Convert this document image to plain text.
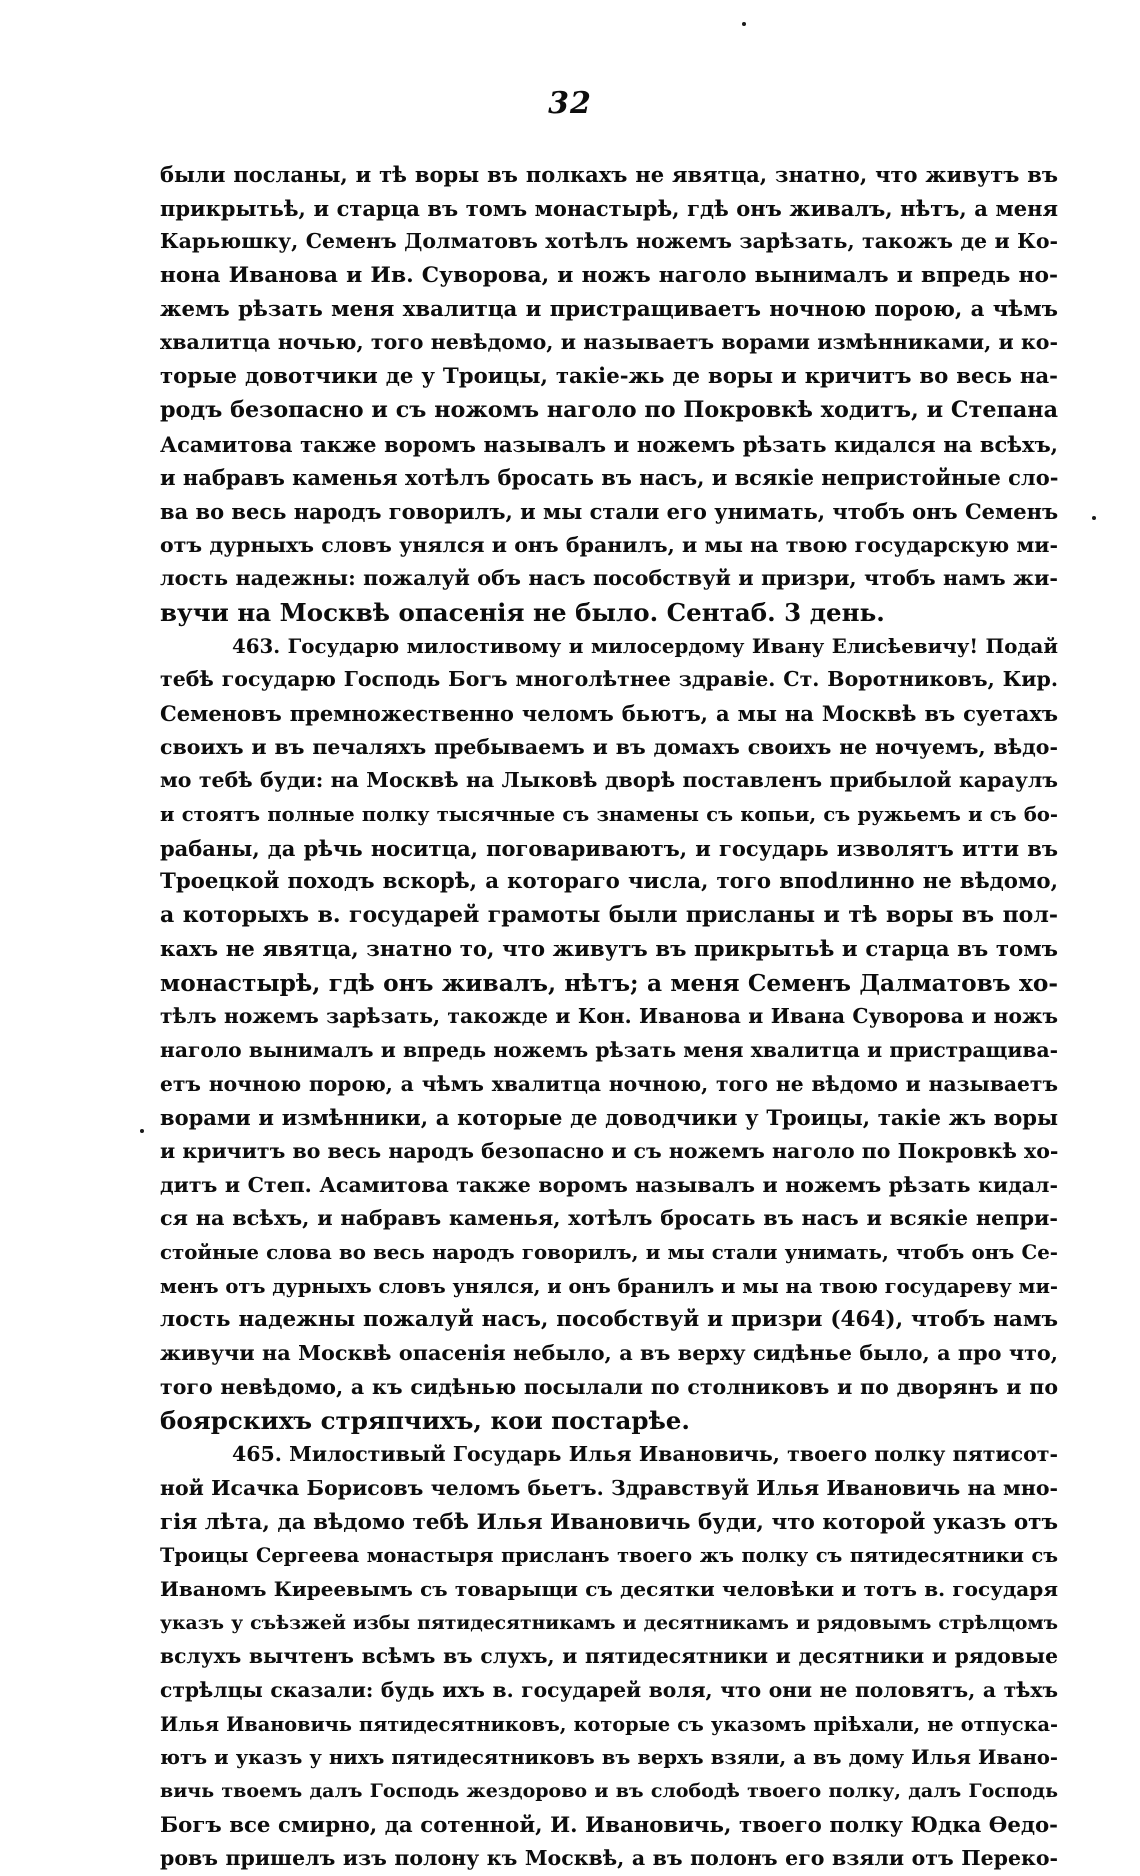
32
были посланы, и тѣ воры въ полкахъ не явятца, знатно, что живутъ въ
прикрытьѣ, и старца въ томъ монастырѣ, гдѣ онъ живалъ, нѣтъ, а меня
Карьюшку, Семенъ Долматовъ хотѣлъ ножемъ зарѣзать, такожъ де и Ко-
нона Иванова и Ив. Суворова, и ножъ наголо вынималъ и впредь но-
жемъ рѣзать меня хвалитца и пристращиваетъ ночною порою, а чѣмъ
хвалитца ночью, того невѣдомо, и называетъ ворами измѣнниками, и ко-
торые довотчики де у Троицы, такіе-жь де воры и кричитъ во весь на-
родъ безопасно и съ ножомъ наголо по Покровкѣ ходитъ, и Степана
Асамитова также воромъ называлъ и ножемъ рѣзать кидался на всѣхъ,
и набравъ каменья хотѣлъ бросать въ насъ, и всякіе непристойные сло-
ва во весь народъ говорилъ, и мы стали его унимать, чтобъ онъ Семенъ
отъ дурныхъ словъ унялся и онъ бранилъ, и мы на твою государскую ми-
лость надежны: пожалуй объ насъ пособствуй и призри, чтобъ намъ жи-
вучи на Москвѣ опасенія не было. Сентаб. 3 день.
463. Государю милостивому и милосердому Ивану Елисѣевичу! Подай
тебѣ государю Господь Богъ многолѣтнее здравіе. Ст. Воротниковъ, Кир.
Семеновъ премножественно челомъ бьютъ, а мы на Москвѣ въ суетахъ
своихъ и въ печаляхъ пребываемъ и въ домахъ своихъ не ночуемъ, вѣдо-
мо тебѣ буди: на Москвѣ на Лыковѣ дворѣ поставленъ прибылой караулъ
и стоятъ полные полку тысячные съ знамены съ копьи, съ ружьемъ и съ бо-
рабаны, да рѣчь носитца, поговариваютъ, и государь изволятъ итти въ
Троецкой походъ вскорѣ, а котораго числа, того впodлинно не вѣдомо,
а которыхъ в. государей грамоты были присланы и тѣ воры въ пол-
кахъ не явятца, знатно то, что живутъ въ прикрытьѣ и старца въ томъ
монастырѣ, гдѣ онъ живалъ, нѣтъ; а меня Семенъ Далматовъ хо-
тѣлъ ножемъ зарѣзать, такожде и Кон. Иванова и Ивана Суворова и ножъ
наголо вынималъ и впредь ножемъ рѣзать меня хвалитца и пристращива-
етъ ночною порою, а чѣмъ хвалитца ночною, того не вѣдомо и называетъ
ворами и измѣнники, а которые де доводчики у Троицы, такіе жъ воры
и кричитъ во весь народъ безопасно и съ ножемъ наголо по Покровкѣ хо-
дитъ и Степ. Асамитова также воромъ называлъ и ножемъ рѣзать кидал-
ся на всѣхъ, и набравъ каменья, хотѣлъ бросать въ насъ и всякіе непри-
стойные слова во весь народъ говорилъ, и мы стали унимать, чтобъ онъ Се-
менъ отъ дурныхъ словъ унялся, и онъ бранилъ и мы на твою государеву ми-
лость надежны пожалуй насъ, пособствуй и призри (464), чтобъ намъ
живучи на Москвѣ опасенія небыло, а въ верху сидѣнье было, а про что,
того невѣдомо, а къ сидѣнью посылали по столниковъ и по дворянъ и по
боярскихъ стряпчихъ, кои постарѣе.
465. Милостивый Государь Илья Ивановичь, твоего полку пятисот-
ной Исачка Борисовъ челомъ бьетъ. Здравствуй Илья Ивановичь на мно-
гія лѣта, да вѣдомо тебѣ Илья Ивановичь буди, что которой указъ отъ
Троицы Сергеева монастыря присланъ твоего жъ полку съ пятидесятники съ
Иваномъ Киреевымъ съ товарыщи съ десятки человѣки и тотъ в. государя
указъ у съѣзжей избы пятидесятникамъ и десятникамъ и рядовымъ стрѣлцомъ
вслухъ вычтенъ всѣмъ въ слухъ, и пятидесятники и десятники и рядовые
стрѣлцы сказали: будь ихъ в. государей воля, что они не половятъ, а тѣхъ
Илья Ивановичь пятидесятниковъ, которые съ указомъ пріѣхали, не отпуска-
ютъ и указъ у нихъ пятидесятниковъ въ верхъ взяли, а въ дому Илья Ивано-
вичь твоемъ далъ Господь жездорово и въ слободѣ твоего полку, далъ Господь
Богъ все смирно, да сотенной, И. Ивановичь, твоего полку Юдка Ѳедо-
ровъ пришелъ изъ полону къ Москвѣ, а въ полонъ его взяли отъ Переко-
